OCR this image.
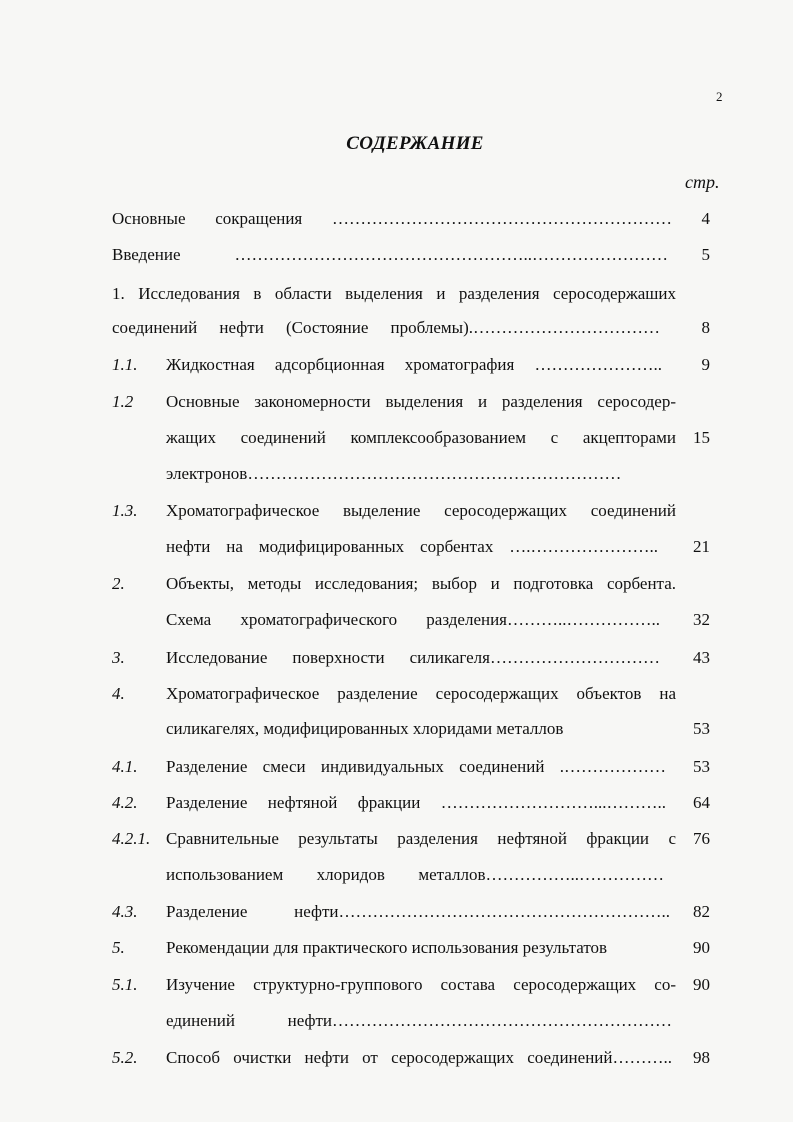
2
СОДЕРЖАНИЕ
стр.
Основные сокращения ……………………………………………………	4
Введение ……………………………………………..……………………	5
1. Исследования в области выделения и разделения серосодержаших
соединений нефти (Состояние проблемы).……………………………	8
1.1. Жидкостная адсорбционная хроматография …………………..	9
1.2 Основные закономерности выделения и разделения серосодер-
жащих соединений комплексообразованием с акцепторами	15
электронов…………………………………………………………
1.3. Хроматографическое выделение серосодержащих соединений
нефти на модифицированных сорбентах ….…………………..	21
2. Объекты, методы исследования; выбор и подготовка сорбента.
Схема хроматографического разделения………..……………..	32
3. Исследование поверхности силикагеля…………………………	43
4. Хроматографическое разделение серосодержащих объектов на
силикагелях, модифицированных хлоридами металлов	53
4.1. Разделение смеси индивидуальных соединений .………………	53
4.2. Разделение нефтяной фракции ………………………...………..	64
4.2.1. Сравнительные результаты разделения нефтяной фракции с	76
использованием хлоридов металлов……………..……………
4.3. Разделение нефти…………………………………………………..	82
5. Рекомендации для практического использования результатов	90
5.1. Изучение структурно-группового состава серосодержащих со-	90
единений нефти……………………………………………………
5.2. Способ очистки нефти от серосодержащих соединений………..	98
